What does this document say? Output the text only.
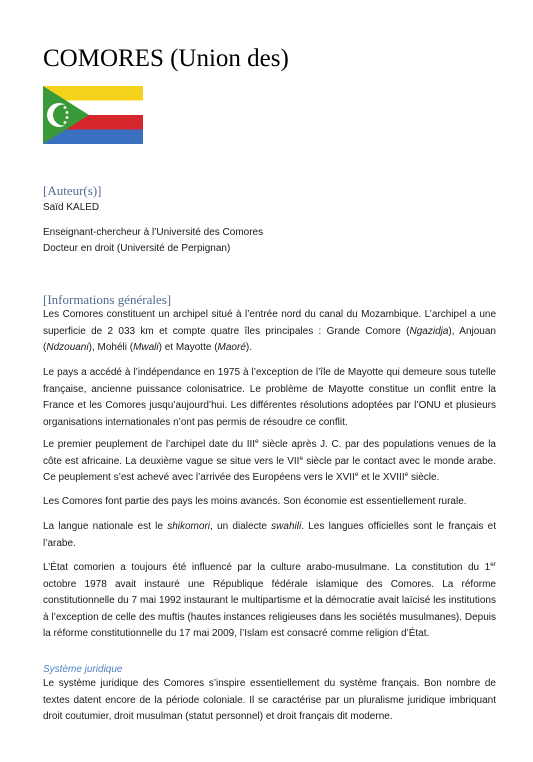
COMORES (Union des)
[Auteur(s)]

Saïd KALED

Enseignant-chercheur à l’Université des Comores

Docteur en droit (Université de Perpignan)

[Informations générales]

Les Comores constituent un archipel situé à l’entrée nord du canal du Mozambique. L’archipel a une superficie de 2 033 km et compte quatre îles principales : Grande Comore (Ngazidja), Anjouan (Ndzouani), Mohéli (Mwali) et Mayotte (Maoré).

Le pays a accédé à l’indépendance en 1975 à l’exception de l’île de Mayotte qui demeure sous tutelle française, ancienne puissance colonisatrice. Le problème de Mayotte constitue un conflit entre la France et les Comores jusqu’aujourd’hui. Les différentes résolutions adoptées par l’ONU et plusieurs organisations internationales n’ont pas permis de résoudre ce conflit.

Le premier peuplement de l’archipel date du IIIe siècle après J. C. par des populations venues de la côte est africaine. La deuxième vague se situe vers le VIIe siècle par le contact avec le monde arabe. Ce peuplement s’est achevé avec l’arrivée des Européens vers le XVIIe et le XVIIIe siècle.

Les Comores font partie des pays les moins avancés. Son économie est essentiellement rurale.

La langue nationale est le shikomori, un dialecte swahili. Les langues officielles sont le français et l’arabe.

L’État comorien a toujours été influencé par la culture arabo-musulmane. La constitution du 1er octobre 1978 avait instauré une République fédérale islamique des Comores. La réforme constitutionnelle du 7 mai 1992 instaurant le multipartisme et la démocratie avait laïcisé les institutions à l’exception de celle des muftis (hautes instances religieuses dans les sociétés musulmanes). Depuis la réforme constitutionnelle du 17 mai 2009, l’Islam est consacré comme religion d’État.

Système juridique

Le système juridique des Comores s’inspire essentiellement du système français. Bon nombre de textes datent encore de la période coloniale. Il se caractérise par un pluralisme juridique imbriquant droit coutumier, droit musulman (statut personnel) et droit français dit moderne.
